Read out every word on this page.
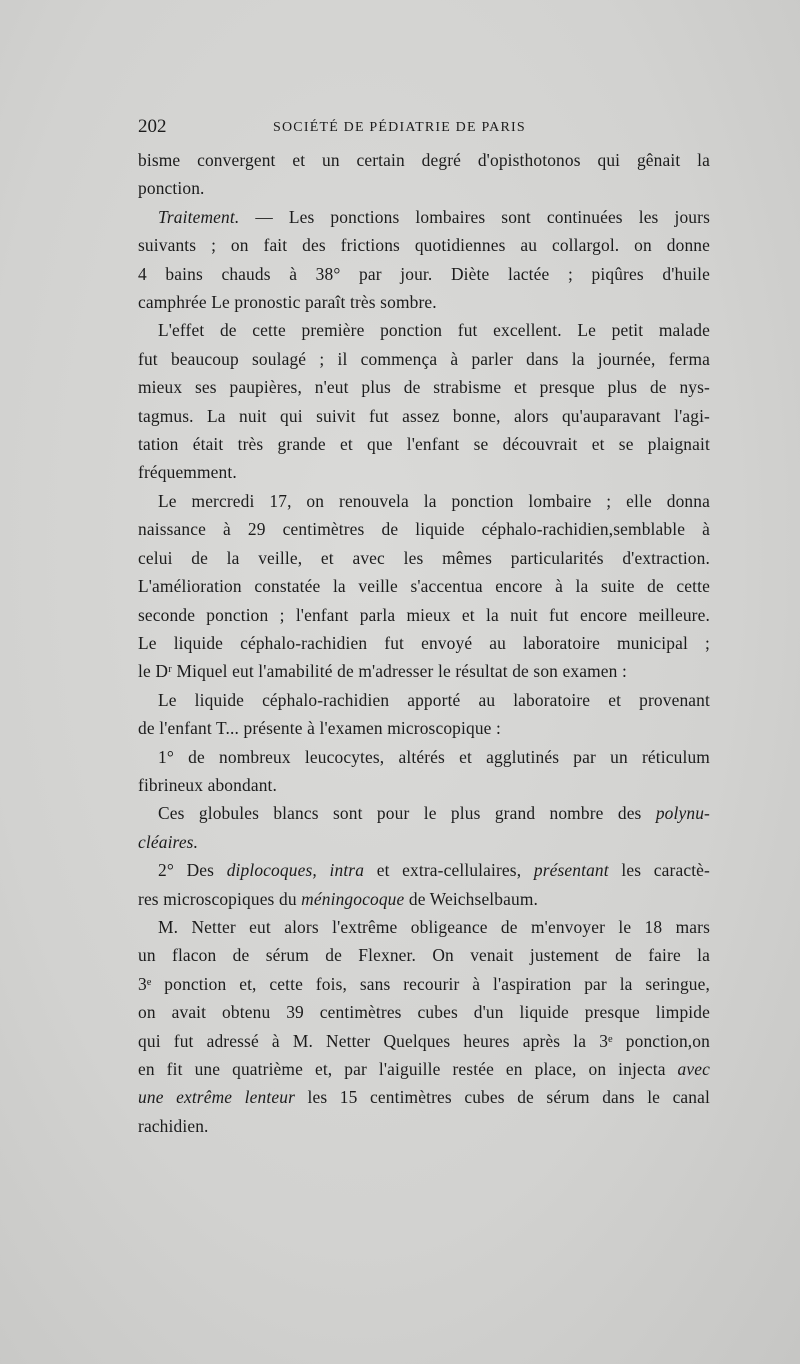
202	SOCIÉTÉ DE PÉDIATRIE DE PARIS
bisme convergent et un certain degré d'opisthotonos qui gênait la
ponction.
Traitement. — Les ponctions lombaires sont continuées les jours
suivants ; on fait des frictions quotidiennes au collargol. on donne
4 bains chauds à 38° par jour. Diète lactée ; piqûres d'huile
camphrée Le pronostic paraît très sombre.
L'effet de cette première ponction fut excellent. Le petit malade
fut beaucoup soulagé ; il commença à parler dans la journée, ferma
mieux ses paupières, n'eut plus de strabisme et presque plus de nys-
tagmus. La nuit qui suivit fut assez bonne, alors qu'auparavant l'agi-
tation était très grande et que l'enfant se découvrait et se plaignait
fréquemment.
Le mercredi 17, on renouvela la ponction lombaire ; elle donna
naissance à 29 centimètres de liquide céphalo-rachidien,semblable à
celui de la veille, et avec les mêmes particularités d'extraction.
L'amélioration constatée la veille s'accentua encore à la suite de cette
seconde ponction ; l'enfant parla mieux et la nuit fut encore meilleure.
Le liquide céphalo-rachidien fut envoyé au laboratoire municipal ;
le Dʳ Miquel eut l'amabilité de m'adresser le résultat de son examen :
Le liquide céphalo-rachidien apporté au laboratoire et provenant
de l'enfant T... présente à l'examen microscopique :
1° de nombreux leucocytes, altérés et agglutinés par un réticulum
fibrineux abondant.
Ces globules blancs sont pour le plus grand nombre des polynu-
cléaires.
2° Des diplocoques, intra et extra-cellulaires, présentant les caractè-
res microscopiques du méningocoque de Weichselbaum.
M. Netter eut alors l'extrême obligeance de m'envoyer le 18 mars
un flacon de sérum de Flexner. On venait justement de faire la
3ᵉ ponction et, cette fois, sans recourir à l'aspiration par la seringue,
on avait obtenu 39 centimètres cubes d'un liquide presque limpide
qui fut adressé à M. Netter Quelques heures après la 3ᵉ ponction,on
en fit une quatrième et, par l'aiguille restée en place, on injecta avec
une extrême lenteur les 15 centimètres cubes de sérum dans le canal
rachidien.
